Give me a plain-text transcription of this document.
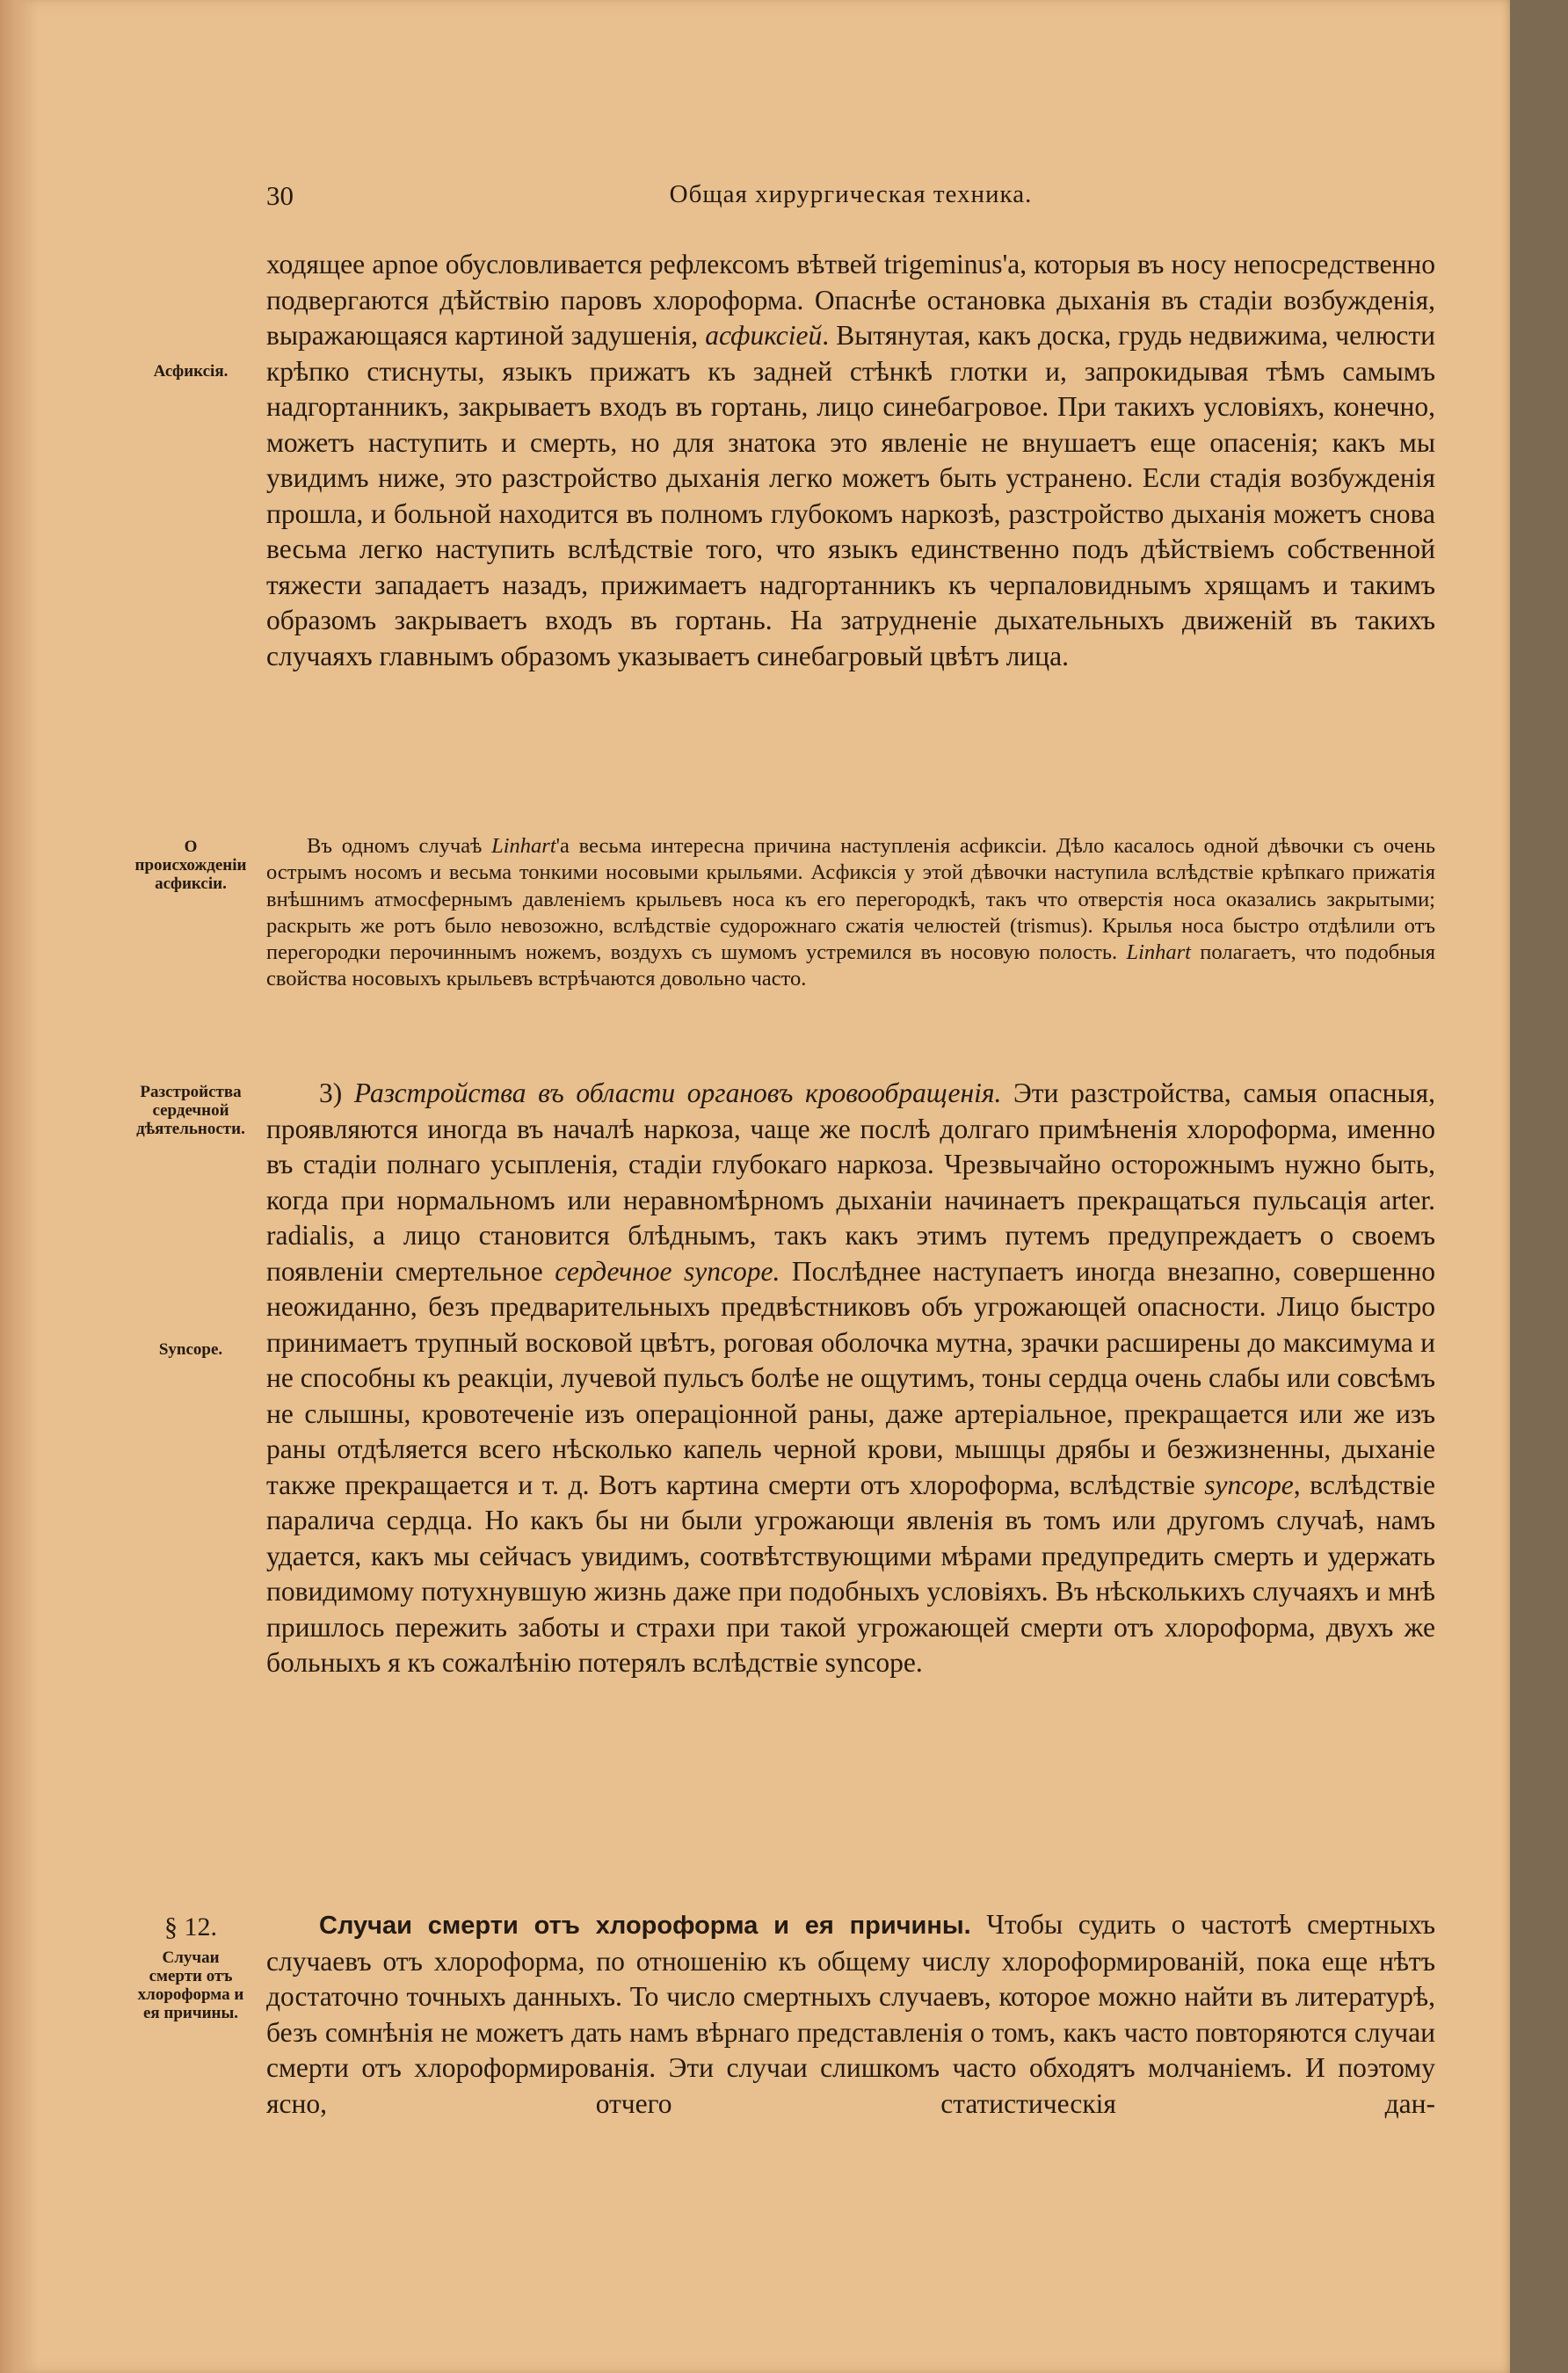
30	Общая хирургическая техника.
ходящее apnoe обусловливается рефлексомъ вѣтвей trigeminus'а, которыя въ носу непосредственно подвергаются дѣйствію паровъ хлороформа. Опаснѣе остановка дыханія въ стадіи возбужденія, выражающаяся картиной задушенія, асфиксіей. Вытянутая, какъ доска, грудь недвижима, челюсти крѣпко стиснуты, языкъ прижатъ къ задней стѣнкѣ глотки и, запрокидывая тѣмъ самымъ надгортанникъ, закрываетъ входъ въ гортань, лицо синебагровое. При такихъ условіяхъ, конечно, можетъ наступить и смерть, но для знатока это явленіе не внушаетъ еще опасенія; какъ мы увидимъ ниже, это разстройство дыханія легко можетъ быть устранено. Если стадія возбужденія прошла, и больной находится въ полномъ глубокомъ наркозѣ, разстройство дыханія можетъ снова весьма легко наступить вслѣдствіе того, что языкъ единственно подъ дѣйствіемъ собственной тяжести западаетъ назадъ, прижимаетъ надгортанникъ къ черпаловиднымъ хрящамъ и такимъ образомъ закрываетъ входъ въ гортань. На затрудненіе дыхательныхъ движеній въ такихъ случаяхъ главнымъ образомъ указываетъ синебагровый цвѣтъ лица.
Въ одномъ случаѣ Linhart'а весьма интересна причина наступленія асфиксіи. Дѣло касалось одной дѣвочки съ очень острымъ носомъ и весьма тонкими носовыми крыльями. Асфиксія у этой дѣвочки наступила вслѣдствіе крѣпкаго прижатія внѣшнимъ атмосфернымъ давленіемъ крыльевъ носа къ его перегородкѣ, такъ что отверстія носа оказались закрытыми; раскрыть же ротъ было невозожно, вслѣдствіе судорожнаго сжатія челюстей (trismus). Крылья носа быстро отдѣлили отъ перегородки перочиннымъ ножемъ, воздухъ съ шумомъ устремился въ носовую полость. Linhart полагаетъ, что подобныя свойства носовыхъ крыльевъ встрѣчаются довольно часто.
3) Разстройства въ области органовъ кровообращенія. Эти разстройства, самыя опасныя, проявляются иногда въ началѣ наркоза, чаще же послѣ долгаго примѣненія хлороформа, именно въ стадіи полнаго усыпленія, стадіи глубокаго наркоза. Чрезвычайно осторожнымъ нужно быть, когда при нормальномъ или неравномѣрномъ дыханіи начинаетъ прекращаться пульсація arter. radialis, а лицо становится блѣднымъ, такъ какъ этимъ путемъ предупреждаетъ о своемъ появленіи смертельное сердечное syncope. Послѣднее наступаетъ иногда внезапно, совершенно неожиданно, безъ предварительныхъ предвѣстниковъ объ угрожающей опасности. Лицо быстро принимаетъ трупный восковой цвѣтъ, роговая оболочка мутна, зрачки расширены до максимума и не способны къ реакціи, лучевой пульсъ болѣе не ощутимъ, тоны сердца очень слабы или совсѣмъ не слышны, кровотеченіе изъ операціонной раны, даже артеріальное, прекращается или же изъ раны отдѣляется всего нѣсколько капель черной крови, мышцы дрябы и безжизненны, дыханіе также прекращается и т. д. Вотъ картина смерти отъ хлороформа, вслѣдствіе syncope, вслѣдствіе паралича сердца. Но какъ бы ни были угрожающи явленія въ томъ или другомъ случаѣ, намъ удается, какъ мы сейчасъ увидимъ, соотвѣтствующими мѣрами предупредить смерть и удержать повидимому потухнувшую жизнь даже при подобныхъ условіяхъ. Въ нѣсколькихъ случаяхъ и мнѣ пришлось пережить заботы и страхи при такой угрожающей смерти отъ хлороформа, двухъ же больныхъ я къ сожалѣнію потерялъ вслѣдствіе syncope.
Случаи смерти отъ хлороформа и ея причины. Чтобы судить о частотѣ смертныхъ случаевъ отъ хлороформа, по отношенію къ общему числу хлороформированій, пока еще нѣтъ достаточно точныхъ данныхъ. То число смертныхъ случаевъ, которое можно найти въ литературѣ, безъ сомнѣнія не можетъ дать намъ вѣрнаго представленія о томъ, какъ часто повторяются случаи смерти отъ хлороформированія. Эти случаи слишкомъ часто обходятъ молчаніемъ. И поэтому ясно, отчего статистическія дан-
Асфиксія.
О происхожденіи асфиксіи.
Разстройства сердечной дѣятельности.
Syncope.
§ 12.
Случаи смерти отъ хлороформа и ея причины.
